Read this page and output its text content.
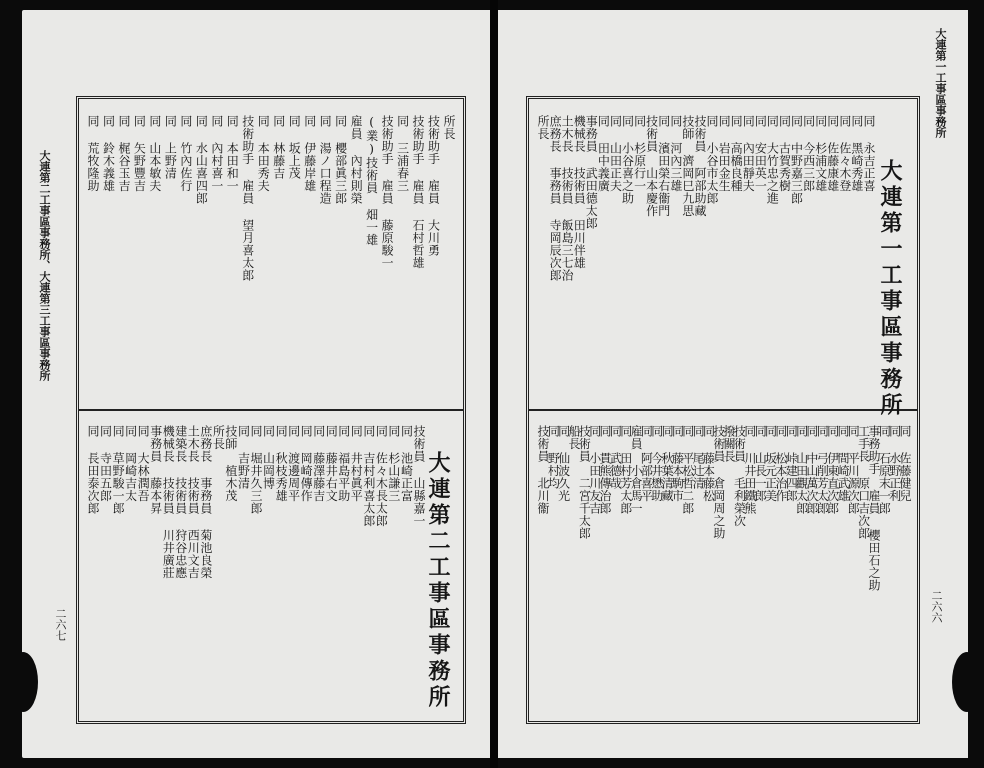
大連第二工事區事務所、大連第三工事區事務所
二六七
同 荒牧隆助 同 鈴木義雄 同 梶谷玉吉 同 矢野豐吉 同 山本敏夫 同 上野清 同 竹內佐行 同 水山喜四郎 同 內村喜一 同 本田和一 技術助手 雇員 望月喜太郎 同 本田秀夫 同 林藤吉 同 坂上茂 同 伊藤岸雄 同 湯ノ口程造 同 櫻部眞三郎 雇員 內村則榮 (業)技術員 畑一雄 技術助手 雇員 藤原駿一 同 三浦春三 技術助手 雇員 石村哲雄 技術助手 雇員 大川勇 所長
同 長田泰次郎
同 寺田五郎
同 草野駿一郎
同 岡崎吉太
同 大林潤吾
事務員 藤本昇
機械長 技術員 川井廣莊
建築長 技術員 狩谷忠應
土木長 技術員 西川文吉
庶務長 事務員 菊池良榮
所長
技師 植木茂
同 吉野清
同 堀井久三郎
同 山岡博
同 秋枝秀雄
同 渡邊周平
同 岡崎傳作
同 藤澤藤吉
同 藤井右文
同 福島平助
同 井村眞平
同 吉村利喜太郎
同 佐々木長太郎
同 杉山謙三
同 池崎正富
技術員 山縣嘉一 大連第二工事區事務所
大連第一工事區事務所
二六六
所長
庶務長 事務員 寺岡辰次郎
土木長 技術員 飯島三七治
機械長 技術員 田川伴雄
事務員 武田德太郎
同 田中義廣
同 山田正夫
同 小谷喜之助
同 杉原行一
技術員 山本慶作
同 濱田榮右衞門
同 河內三雄
技師 濟岡巳九思
技術員 阿部助藏
同 小谷市太郎
同 岩田金生
同 高橋良種
同 內田靜夫
同 安田英一
同 大竹忠之進
同 古賀秀樹
同 中野嘉三郎
同 今西三郎
同 杉浦文雄
同 佐藤康雄
同 佐々木登
同 黑崎秀雄
同 永吉正喜
技術員 北川衞
同 野村均
同 仙波久光
船長
技術員 二宮千太郎
同 小田川友吉
同 貫熊傳治郎
同 武德哉
同 田村芳太郎
雇員 小倉馬一
同 阿部喜平
同 今井懋助
同 秋葉清藏
同 藤本駒市
同 平松哲二郎
同 尾辻清
同 藤本藤松
技術員 倉岡周之助
撥關長
技術員 毛利榮次
同 川井田鐵熊
同 山長一郎
同 坂元正美
同 松本治作
同 峠建四郎
同 山田觀太郎
同 中山萬次郎
同 弓削芳太郎
同 伊東直次郎
同 間崎武雄
同 平川源次郎
工手長 原口吉次郎
事務助手 雇員 櫻田石之助
同 石原末一郎
同 水野正利
同 佐藤健兒
大連第一工事區事務所
